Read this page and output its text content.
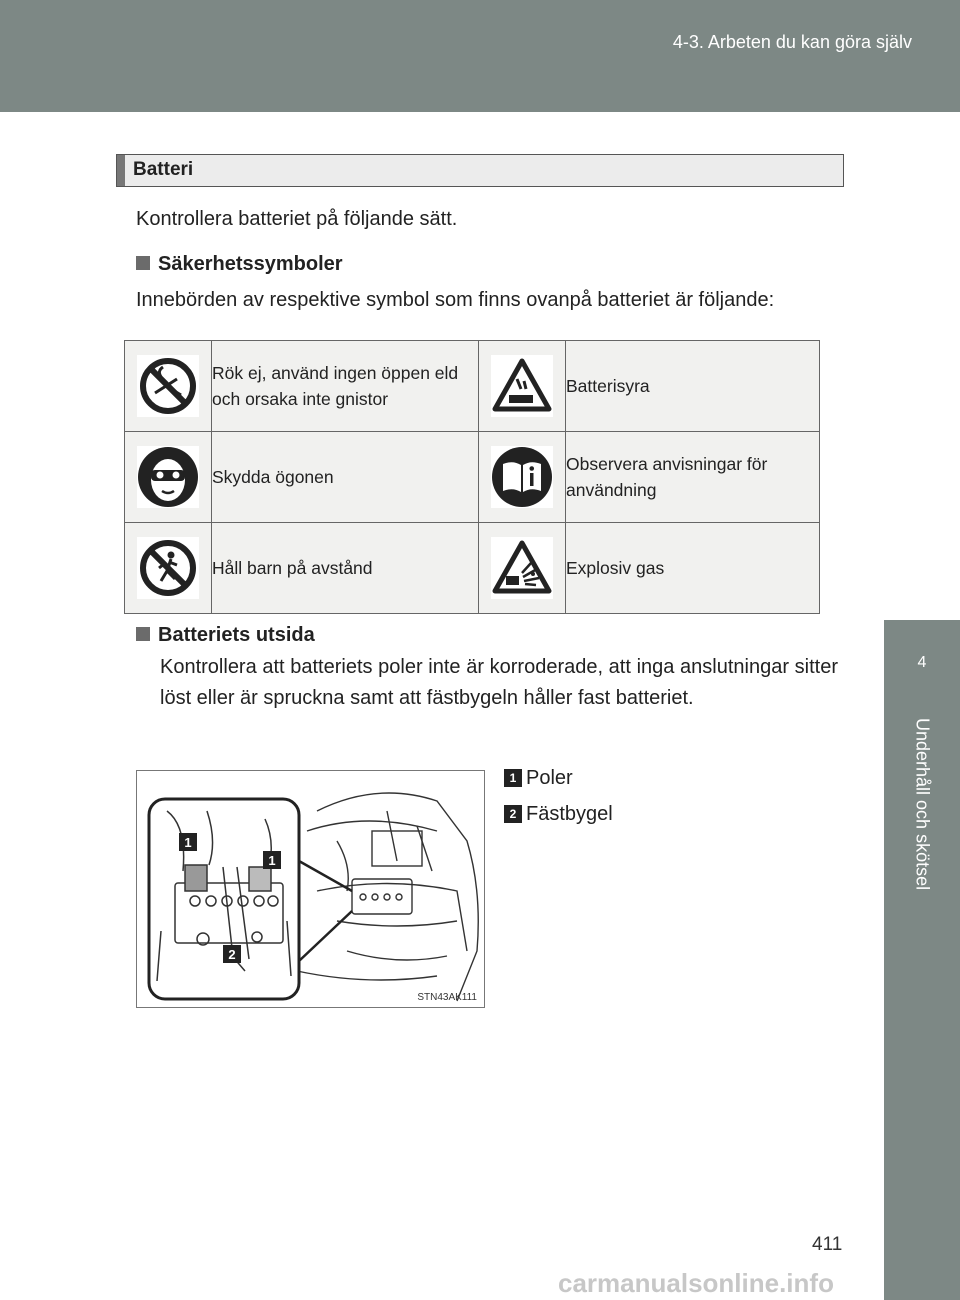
4-3. Arbeten du kan göra själv
4
Underhåll och skötsel
Batteri
Kontrollera batteriet på följande sätt.
Säkerhetssymboler
Innebörden av respektive symbol som finns ovanpå batteriet är följande:
	Rök ej, använd ingen öppen eld och orsaka inte gnistor		Batterisyra

	Skydda ögonen		Observera anvisningar för användning

	Håll barn på avstånd		Explosiv gas
Batteriets utsida
Kontrollera att batteriets poler inte är korroderade, att inga anslutningar sitter löst eller är spruckna samt att fästbygeln håller fast batteriet.
1
1
2
STN43AK111
1 Poler
2 Fästbygel
411
carmanualsonline.info
